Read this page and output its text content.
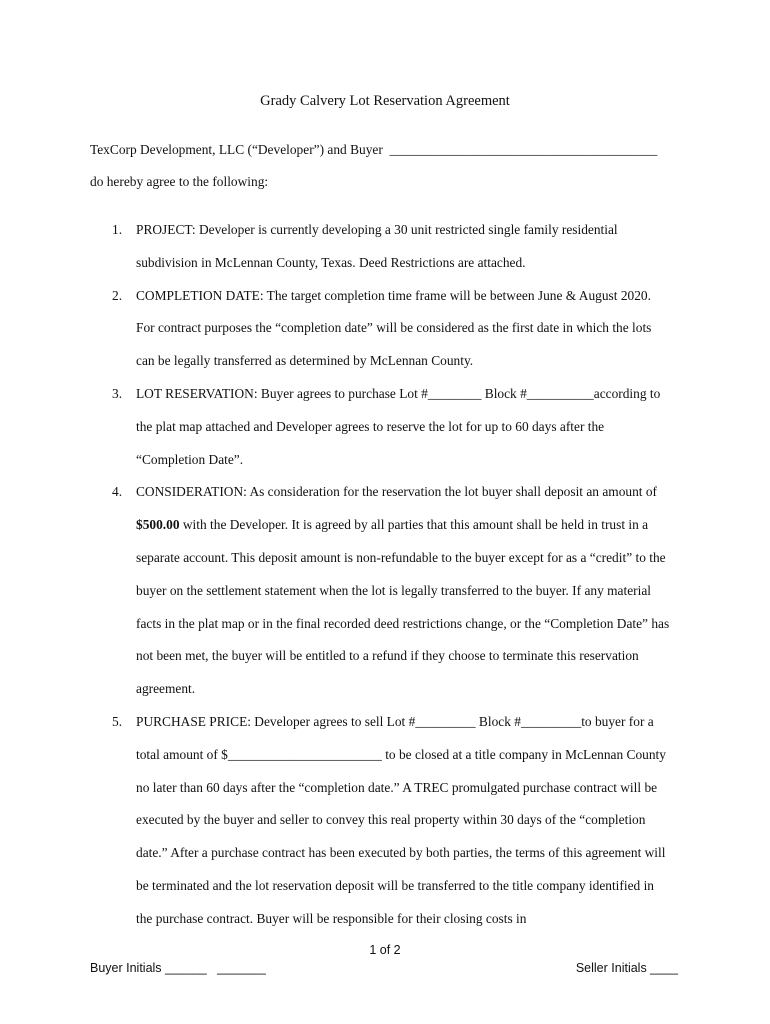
Grady Calvery Lot Reservation Agreement
TexCorp Development, LLC (“Developer”) and Buyer  ________________________________________
do hereby agree to the following:
1. PROJECT: Developer is currently developing a 30 unit restricted single family residential subdivision in McLennan County, Texas. Deed Restrictions are attached.
2. COMPLETION DATE: The target completion time frame will be between June & August 2020. For contract purposes the “completion date” will be considered as the first date in which the lots can be legally transferred as determined by McLennan County.
3. LOT RESERVATION: Buyer agrees to purchase Lot #________ Block #__________according to the plat map attached and Developer agrees to reserve the lot for up to 60 days after the “Completion Date”.
4. CONSIDERATION: As consideration for the reservation the lot buyer shall deposit an amount of $500.00 with the Developer. It is agreed by all parties that this amount shall be held in trust in a separate account. This deposit amount is non-refundable to the buyer except for as a “credit” to the buyer on the settlement statement when the lot is legally transferred to the buyer. If any material facts in the plat map or in the final recorded deed restrictions change, or the “Completion Date” has not been met, the buyer will be entitled to a refund if they choose to terminate this reservation agreement.
5. PURCHASE PRICE: Developer agrees to sell Lot #_________ Block #_________to buyer for a total amount of $_______________________ to be closed at a title company in McLennan County no later than 60 days after the “completion date.” A TREC promulgated purchase contract will be executed by the buyer and seller to convey this real property within 30 days of the “completion date.” After a purchase contract has been executed by both parties, the terms of this agreement will be terminated and the lot reservation deposit will be transferred to the title company identified in the purchase contract. Buyer will be responsible for their closing costs in
1 of 2
Buyer Initials ______   _______	Seller Initials ____
